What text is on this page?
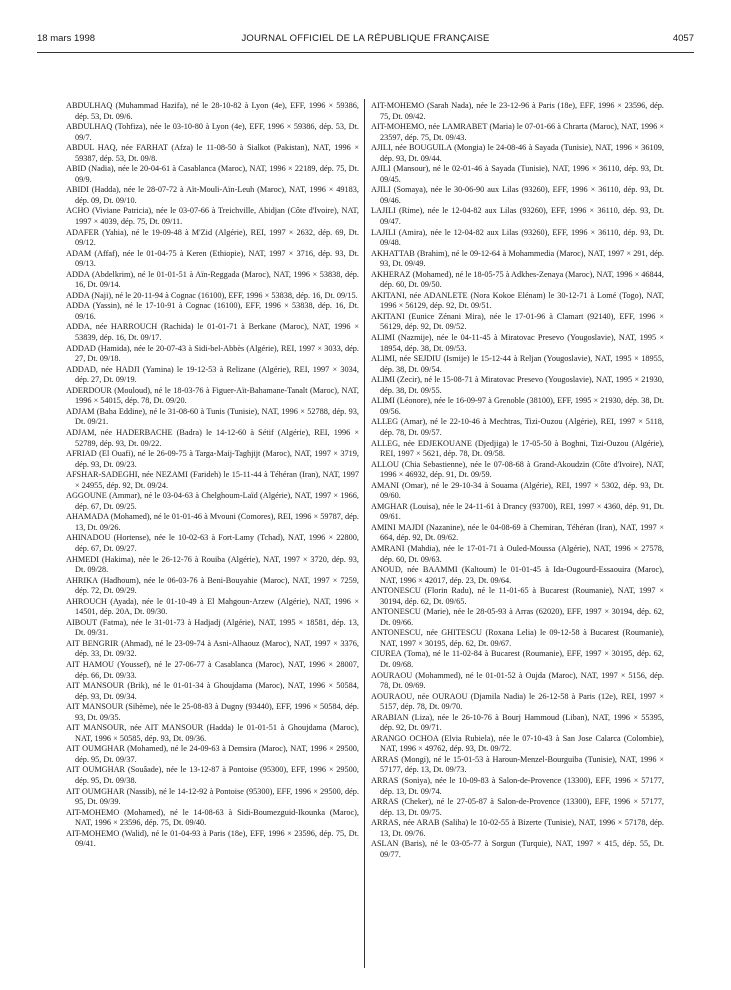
18 mars 1998	JOURNAL OFFICIEL DE LA RÉPUBLIQUE FRANÇAISE	4057

ABDULHAQ (Muhammad Hazifa), né le 28-10-82 à Lyon (4e), EFF, 1996 × 59386, dép. 53, Dt. 09/6.

ABDULHAQ (Tohfiza), née le 03-10-80 à Lyon (4e), EFF, 1996 × 59386, dép. 53, Dt. 09/7.

ABDUL HAQ, née FARHAT (Afza) le 11-08-50 à Sialkot (Pakistan), NAT, 1996 × 59387, dép. 53, Dt. 09/8.

ABID (Nadia), née le 20-04-61 à Casablanca (Maroc), NAT, 1996 × 22189, dép. 75, Dt. 09/9.

ABIDI (Hadda), née le 28-07-72 à Aït-Mouli-Aïn-Leuh (Maroc), NAT, 1996 × 49183, dép. 09, Dt. 09/10.

ACHO (Viviane Patricia), née le 03-07-66 à Treichville, Abidjan (Côte d'Ivoire), NAT, 1997 × 4039, dép. 75, Dt. 09/11.

ADAFER (Yahia), né le 19-09-48 à M'Zid (Algérie), REI, 1997 × 2632, dép. 69, Dt. 09/12.

ADAM (Affaf), née le 01-04-75 à Keren (Ethiopie), NAT, 1997 × 3716, dép. 93, Dt. 09/13.

ADDA (Abdelkrim), né le 01-01-51 à Aïn-Reggada (Maroc), NAT, 1996 × 53838, dép. 16, Dt. 09/14.

ADDA (Naji), né le 20-11-94 à Cognac (16100), EFF, 1996 × 53838, dép. 16, Dt. 09/15.

ADDA (Yassin), né le 17-10-91 à Cognac (16100), EFF, 1996 × 53838, dép. 16, Dt. 09/16.

ADDA, née HARROUCH (Rachida) le 01-01-71 à Berkane (Maroc), NAT, 1996 × 53839, dép. 16, Dt. 09/17.

ADDAD (Hamida), née le 20-07-43 à Sidi-bel-Abbès (Algérie), REI, 1997 × 3033, dép. 27, Dt. 09/18.

ADDAD, née HADJI (Yamina) le 19-12-53 à Relizane (Algérie), REI, 1997 × 3034, dép. 27, Dt. 09/19.

ADERDOUR (Mouloud), né le 18-03-76 à Figuer-Aït-Bahamane-Tanalt (Maroc), NAT, 1996 × 54015, dép. 78, Dt. 09/20.

ADJAM (Baha Eddine), né le 31-08-60 à Tunis (Tunisie), NAT, 1996 × 52788, dép. 93, Dt. 09/21.

ADJAM, née HADERBACHE (Badra) le 14-12-60 à Sétif (Algérie), REI, 1996 × 52789, dép. 93, Dt. 09/22.

AFRIAD (El Ouafi), né le 26-09-75 à Targa-Maij-Taghjijt (Maroc), NAT, 1997 × 3719, dép. 93, Dt. 09/23.

AFSHAR-SADEGHI, née NEZAMI (Farideh) le 15-11-44 à Téhéran (Iran), NAT, 1997 × 24955, dép. 92, Dt. 09/24.

AGGOUNE (Ammar), né le 03-04-63 à Chelghoum-Laïd (Algérie), NAT, 1997 × 1966, dép. 67, Dt. 09/25.

AHAMADA (Mohamed), né le 01-01-46 à Mvouni (Comores), REI, 1996 × 59787, dép. 13, Dt. 09/26.

AHINADOU (Hortense), née le 10-02-63 à Fort-Lamy (Tchad), NAT, 1996 × 22800, dép. 67, Dt. 09/27.

AHMEDI (Hakima), née le 26-12-76 à Rouiba (Algérie), NAT, 1997 × 3720, dép. 93, Dt. 09/28.

AHRIKA (Hadhoum), née le 06-03-76 à Beni-Bouyahie (Maroc), NAT, 1997 × 7259, dép. 72, Dt. 09/29.

AHROUCH (Ayada), née le 01-10-49 à El Mahgoun-Arzew (Algérie), NAT, 1996 × 14501, dép. 20A, Dt. 09/30.

AIBOUT (Fatma), née le 31-01-73 à Hadjadj (Algérie), NAT, 1995 × 18581, dép. 13, Dt. 09/31.

AIT BENGRIR (Ahmad), né le 23-09-74 à Asni-Alhaouz (Maroc), NAT, 1997 × 3376, dép. 33, Dt. 09/32.

AIT HAMOU (Youssef), né le 27-06-77 à Casablanca (Maroc), NAT, 1996 × 28007, dép. 66, Dt. 09/33.

AIT MANSOUR (Brik), né le 01-01-34 à Ghoujdama (Maroc), NAT, 1996 × 50584, dép. 93, Dt. 09/34.

AIT MANSOUR (Sihème), née le 25-08-83 à Dugny (93440), EFF, 1996 × 50584, dép. 93, Dt. 09/35.

AIT MANSOUR, née AIT MANSOUR (Hadda) le 01-01-51 à Ghoujdama (Maroc), NAT, 1996 × 50585, dép. 93, Dt. 09/36.

AIT OUMGHAR (Mohamed), né le 24-09-63 à Demsira (Maroc), NAT, 1996 × 29500, dép. 95, Dt. 09/37.

AIT OUMGHAR (Souâade), née le 13-12-87 à Pontoise (95300), EFF, 1996 × 29500, dép. 95, Dt. 09/38.

AIT OUMGHAR (Nassib), né le 14-12-92 à Pontoise (95300), EFF, 1996 × 29500, dép. 95, Dt. 09/39.

AIT-MOHEMO (Mohamed), né le 14-08-63 à Sidi-Boumezguid-Ikounka (Maroc), NAT, 1996 × 23596, dép. 75, Dt. 09/40.

AIT-MOHEMO (Walid), né le 01-04-93 à Paris (18e), EFF, 1996 × 23596, dép. 75, Dt. 09/41.

AIT-MOHEMO (Sarah Nada), née le 23-12-96 à Paris (18e), EFF, 1996 × 23596, dép. 75, Dt. 09/42.

AIT-MOHEMO, née LAMRABET (Maria) le 07-01-66 à Chrarta (Maroc), NAT, 1996 × 23597, dép. 75, Dt. 09/43.

AJILI, née BOUGUILA (Mongia) le 24-08-46 à Sayada (Tunisie), NAT, 1996 × 36109, dép. 93, Dt. 09/44.

AJILI (Mansour), né le 02-01-46 à Sayada (Tunisie), NAT, 1996 × 36110, dép. 93, Dt. 09/45.

AJILI (Somaya), née le 30-06-90 aux Lilas (93260), EFF, 1996 × 36110, dép. 93, Dt. 09/46.

LAJILI (Rime), née le 12-04-82 aux Lilas (93260), EFF, 1996 × 36110, dép. 93, Dt. 09/47.

LAJILI (Amira), née le 12-04-82 aux Lilas (93260), EFF, 1996 × 36110, dép. 93, Dt. 09/48.

AKHATTAB (Brahim), né le 09-12-64 à Mohammedia (Maroc), NAT, 1997 × 291, dép. 93, Dt. 09/49.

AKHERAZ (Mohamed), né le 18-05-75 à Adkhes-Zenaya (Maroc), NAT, 1996 × 46844, dép. 60, Dt. 09/50.

AKITANI, née ADANLETE (Nora Kokoe Elénam) le 30-12-71 à Lomé (Togo), NAT, 1996 × 56129, dép. 92, Dt. 09/51.

AKITANI (Eunice Zénani Mira), née le 17-01-96 à Clamart (92140), EFF, 1996 × 56129, dép. 92, Dt. 09/52.

ALIMI (Nazmije), née le 04-11-45 à Miratovac Presevo (Yougoslavie), NAT, 1995 × 18954, dép. 38, Dt. 09/53.

ALIMI, née SEJDIU (Ismije) le 15-12-44 à Reljan (Yougoslavie), NAT, 1995 × 18955, dép. 38, Dt. 09/54.

ALIMI (Zecir), né le 15-08-71 à Miratovac Presevo (Yougoslavie), NAT, 1995 × 21930, dép. 38, Dt. 09/55.

ALIMI (Léonore), née le 16-09-97 à Grenoble (38100), EFF, 1995 × 21930, dép. 38, Dt. 09/56.

ALLEG (Amar), né le 22-10-46 à Mechtras, Tizi-Ouzou (Algérie), REI, 1997 × 5118, dép. 78, Dt. 09/57.

ALLEG, née EDJEKOUANE (Djedjiga) le 17-05-50 à Boghni, Tizi-Ouzou (Algérie), REI, 1997 × 5621, dép. 78, Dt. 09/58.

ALLOU (Chia Sebastienne), née le 07-08-68 à Grand-Akoudzin (Côte d'Ivoire), NAT, 1996 × 46932, dép. 91, Dt. 09/59.

AMANI (Omar), né le 29-10-34 à Souama (Algérie), REI, 1997 × 5302, dép. 93, Dt. 09/60.

AMGHAR (Louisa), née le 24-11-61 à Drancy (93700), REI, 1997 × 4360, dép. 91, Dt. 09/61.

AMINI MAJDI (Nazanine), née le 04-08-69 à Chemiran, Téhéran (Iran), NAT, 1997 × 664, dép. 92, Dt. 09/62.

AMRANI (Mahdia), née le 17-01-71 à Ouled-Moussa (Algérie), NAT, 1996 × 27578, dép. 60, Dt. 09/63.

ANOUD, née BAAMMI (Kaltoum) le 01-01-45 à Ida-Ougourd-Essaouira (Maroc), NAT, 1996 × 42017, dép. 23, Dt. 09/64.

ANTONESCU (Florin Radu), né le 11-01-65 à Bucarest (Roumanie), NAT, 1997 × 30194, dép. 62, Dt. 09/65.

ANTONESCU (Marie), née le 28-05-93 à Arras (62020), EFF, 1997 × 30194, dép. 62, Dt. 09/66.

ANTONESCU, née GHITESCU (Roxana Lelia) le 09-12-58 à Bucarest (Roumanie), NAT, 1997 × 30195, dép. 62, Dt. 09/67.

CIUREA (Toma), né le 11-02-84 à Bucarest (Roumanie), EFF, 1997 × 30195, dép. 62, Dt. 09/68.

AOURAOU (Mohammed), né le 01-01-52 à Oujda (Maroc), NAT, 1997 × 5156, dép. 78, Dt. 09/69.

AOURAOU, née OURAOU (Djamila Nadia) le 26-12-58 à Paris (12e), REI, 1997 × 5157, dép. 78, Dt. 09/70.

ARABIAN (Liza), née le 26-10-76 à Bourj Hammoud (Liban), NAT, 1996 × 55395, dép. 92, Dt. 09/71.

ARANGO OCHOA (Elvia Rubiela), née le 07-10-43 à San Jose Calarca (Colombie), NAT, 1996 × 49762, dép. 93, Dt. 09/72.

ARRAS (Mongi), né le 15-01-53 à Haroun-Menzel-Bourguiba (Tunisie), NAT, 1996 × 57177, dép. 13, Dt. 09/73.

ARRAS (Soniya), née le 10-09-83 à Salon-de-Provence (13300), EFF, 1996 × 57177, dép. 13, Dt. 09/74.

ARRAS (Cheker), né le 27-05-87 à Salon-de-Provence (13300), EFF, 1996 × 57177, dép. 13, Dt. 09/75.

ARRAS, née ARAB (Saliha) le 10-02-55 à Bizerte (Tunisie), NAT, 1996 × 57178, dép. 13, Dt. 09/76.

ASLAN (Baris), né le 03-05-77 à Sorgun (Turquie), NAT, 1997 × 415, dép. 55, Dt. 09/77.
